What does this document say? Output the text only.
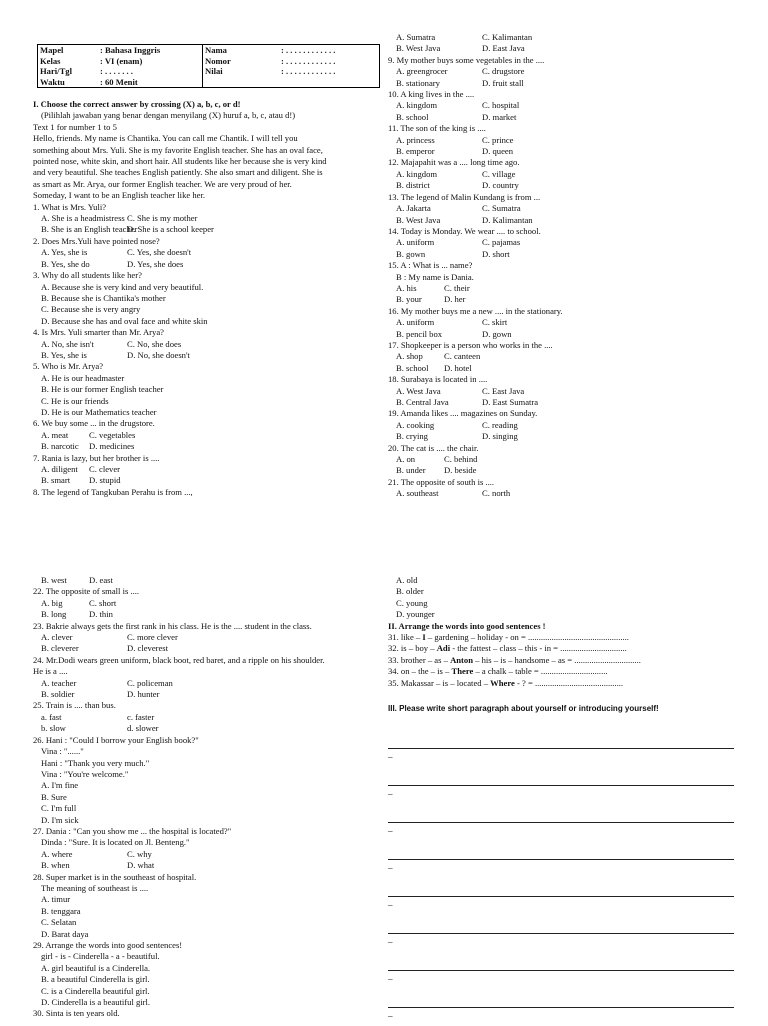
Mapel	: Bahasa Inggris	Nama	: . . . . . . . . . . . .
Kelas	: VI (enam)	Nomor	: . . . . . . . . . . . .
Hari/Tgl	: . . . . . . .	Nilai	: . . . . . . . . . . . .
Waktu	: 60 Menit		
I. Choose the correct answer by crossing (X) a, b, c, or d!
(Pilihlah jawaban yang benar dengan menyilang (X) huruf a, b, c, atau d!)
Text 1 for number 1 to 5
Hello, friends. My name is Chantika. You can call me Chantik. I will tell you
something about Mrs. Yuli. She is my favorite English teacher. She has an oval face,
pointed nose, white skin, and short hair. All students like her because she is very kind
and very beautiful. She teaches English patiently. She also smart and diligent. She is
as smart as Mr. Arya, our former English teacher. We are very proud of her.
Someday, I want to be an English teacher like her.
1. What is Mrs. Yuli?
A. She is a headmistress C. She is my mother
B. She is an English teacher
D. She is a school keeper
2. Does Mrs.Yuli have pointed nose?
A. Yes, she is	C. Yes, she doesn't
B. Yes, she do	D. Yes, she does
3. Why do all students like her?
A. Because she is very kind and very beautiful.
B. Because she is Chantika's mother
C. Because she is very angry
D. Because she has and oval face and white skin
4. Is Mrs. Yuli smarter than Mr. Arya?
A. No, she isn't	C. No, she does
B. Yes, she is	D. No, she doesn't
5. Who is Mr. Arya?
A. He is our headmaster
B. He is our former English teacher
C. He is our friends
D. He is our Mathematics teacher
6. We buy some ... in the drugstore.
A. meat	C. vegetables
B. narcotic	D. medicines
7. Rania is lazy, but her brother is ....
A. diligent	C. clever
B. smart	D. stupid
8. The legend of Tangkuban Perahu is from ...,
A. Sumatra	C. Kalimantan
B. West Java	D. East Java
9. My mother buys some vegetables in the ....
A. greengrocer	C. drugstore
B. stationary	D. fruit stall
10. A king lives in the ....
A. kingdom	C. hospital
B. school	D. market
11. The son of the king is ....
A. princess	C. prince
B. emperor	D. queen
12. Majapahit was a .... long time ago.
A. kingdom	C. village
B. district	D. country
13. The legend of Malin Kundang is from ...
A. Jakarta	C. Sumatra
B. West Java	D. Kalimantan
14. Today is Monday. We wear .... to school.
A. uniform	C. pajamas
B. gown	D. short
15. A : What is ... name?
B : My name is Dania.
A. his	C. their
B. your	D. her
16. My mother buys me a new .... in the stationary.
A. uniform	C. skirt
B. pencil box	D. gown
17. Shopkeeper is a person who works in the ....
A. shop	C. canteen
B. school	D. hotel
18. Surabaya is located in ....
A. West Java	C. East Java
B. Central Java	D. East Sumatra
19. Amanda likes .... magazines on Sunday.
A. cooking	C. reading
B. crying	D. singing
20. The cat is .... the chair.
A. on	C. behind
B. under	D. beside
21. The opposite of south is ....
A. southeast	C. north
B. west	D. east
22. The opposite of small is ....
A. big	C. short
B. long	D. thin
23. Bakrie always gets the first rank in his class. He is the .... student in the class.
A. clever	C. more clever
B. cleverer	D. cleverest
24. Mr.Dodi wears green uniform, black boot, red baret, and a ripple on his shoulder.
He is a ....
A. teacher	C. policeman
B. soldier	D. hunter
25. Train is .... than bus.
a. fast	c. faster
b. slow	d. slower
26. Hani : "Could I borrow your English book?"
Vina : "......"
Hani : "Thank you very much."
Vina : "You're welcome."
A. I'm fine
B. Sure
C. I'm full
D. I'm sick
27. Dania : "Can you show me ... the hospital is located?"
Dinda : "Sure. It is located on Jl. Benteng."
A. where	C. why
B. when	D. what
28. Super market is in the southeast of hospital.
The meaning of southeast is ....
A. timur
B. tenggara
C. Selatan
D. Barat daya
29. Arrange the words into good sentences!
girl - is - Cinderella - a - beautiful.
A. girl beautiful is a Cinderella.
B. a beautiful Cinderella is girl.
C. is a Cinderella beautiful girl.
D. Cinderella is a beautiful girl.
30. Sinta is ten years old.
A. old
B. older
C. young
D. younger
II. Arrange the words into good sentences !
31. like – I – gardening – holiday - on = ...............................................
32. is – boy – Adi - the fattest – class – this - in = ...............................
33. brother – as – Anton – his – is – handsome – as = ...............................
34. on – the – is – There – a chalk – table = ...............................
35. Makassar – is – located – Where - ? = .........................................
III. Please write short paragraph about yourself or introducing yourself!
–
–
–
–
–
–
–
–
